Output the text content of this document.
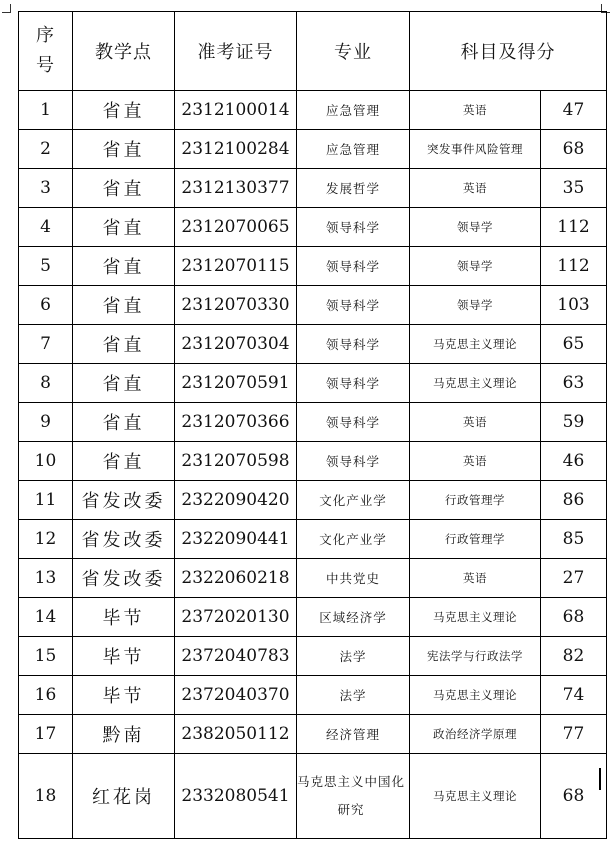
序
号	教学点	准考证号	专业	科目及得分	
1	省直	2312100014	应急管理	英语	47
2	省直	2312100284	应急管理	突发事件风险管理	68
3	省直	2312130377	发展哲学	英语	35
4	省直	2312070065	领导科学	领导学	112
5	省直	2312070115	领导科学	领导学	112
6	省直	2312070330	领导科学	领导学	103
7	省直	2312070304	领导科学	马克思主义理论	65
8	省直	2312070591	领导科学	马克思主义理论	63
9	省直	2312070366	领导科学	英语	59
10	省直	2312070598	领导科学	英语	46
11	省发改委	2322090420	文化产业学	行政管理学	86
12	省发改委	2322090441	文化产业学	行政管理学	85
13	省发改委	2322060218	中共党史	英语	27
14	毕节	2372020130	区域经济学	马克思主义理论	68
15	毕节	2372040783	法学	宪法学与行政法学	82
16	毕节	2372040370	法学	马克思主义理论	74
17	黔南	2382050112	经济管理	政治经济学原理	77
18	红花岗	2332080541	马克思主义中国化研究	马克思主义理论	68
